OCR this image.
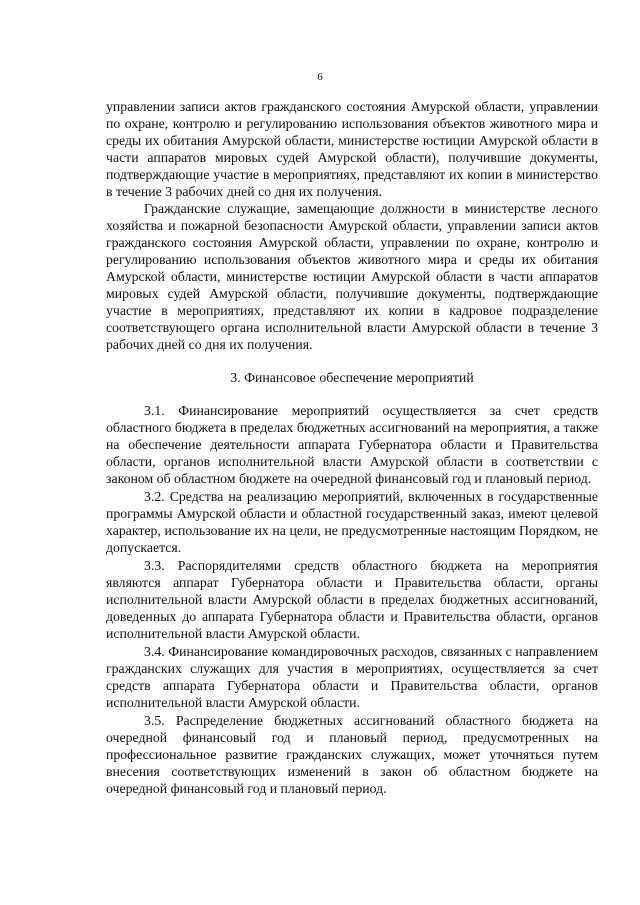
6

управлении записи актов гражданского состояния Амурской области, управлении по охране, контролю и регулированию использования объектов животного мира и среды их обитания Амурской области, министерстве юстиции Амурской области в части аппаратов мировых судей Амурской области), получившие документы, подтверждающие участие в мероприятиях, представляют их копии в министерство в течение 3 рабочих дней со дня их получения.

Гражданские служащие, замещающие должности в министерстве лесного хозяйства и пожарной безопасности Амурской области, управлении записи актов гражданского состояния Амурской области, управлении по охране, контролю и регулированию использования объектов животного мира и среды их обитания Амурской области, министерстве юстиции Амурской области в части аппаратов мировых судей Амурской области, получившие документы, подтверждающие участие в мероприятиях, представляют их копии в кадровое подразделение соответствующего органа исполнительной власти Амурской области в течение 3 рабочих дней со дня их получения.

3. Финансовое обеспечение мероприятий

3.1. Финансирование мероприятий осуществляется за счет средств областного бюджета в пределах бюджетных ассигнований на мероприятия, а также на обеспечение деятельности аппарата Губернатора области и Правительства области, органов исполнительной власти Амурской области в соответствии с законом об областном бюджете на очередной финансовый год и плановый период.

3.2. Средства на реализацию мероприятий, включенных в государственные программы Амурской области и областной государственный заказ, имеют целевой характер, использование их на цели, не предусмотренные настоящим Порядком, не допускается.

3.3. Распорядителями средств областного бюджета на мероприятия являются аппарат Губернатора области и Правительства области, органы исполнительной власти Амурской области в пределах бюджетных ассигнований, доведенных до аппарата Губернатора области и Правительства области, органов исполнительной власти Амурской области.

3.4. Финансирование командировочных расходов, связанных с направлением гражданских служащих для участия в мероприятиях, осуществляется за счет средств аппарата Губернатора области и Правительства области, органов исполнительной власти Амурской области.

3.5. Распределение бюджетных ассигнований областного бюджета на очередной финансовый год и плановый период, предусмотренных на профессиональное развитие гражданских служащих, может уточняться путем внесения соответствующих изменений в закон об областном бюджете на очередной финансовый год и плановый период.
